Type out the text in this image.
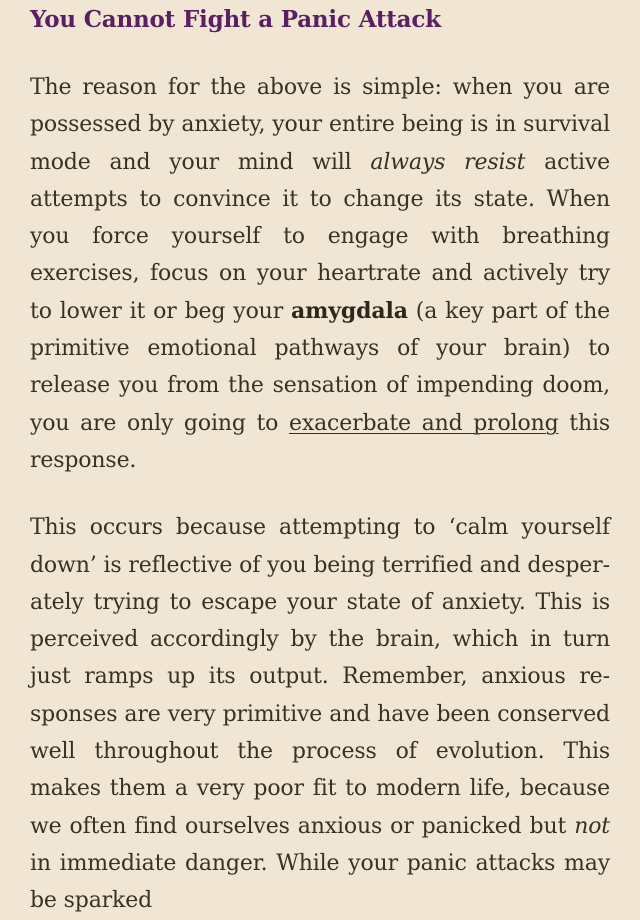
You Cannot Fight a Panic Attack

The reason for the above is simple: when you are possessed by anxiety, your entire being is in survival mode and your mind will always resist active attempts to convince it to change its state. When you force yourself to engage with breathing exercises, focus on your heartrate and actively try to lower it or beg your amygdala (a key part of the primitive emotional pathways of your brain) to release you from the sensation of impending doom, you are only going to exacerbate and prolong this response.

This occurs because attempting to ‘calm yourself down’ is reflective of you being terrified and desperately trying to escape your state of anxiety. This is perceived accordingly by the brain, which in turn just ramps up its output. Remember, anxious responses are very primitive and have been conserved well throughout the process of evolution. This makes them a very poor fit to modern life, because we often find ourselves anxious or panicked but not in immediate danger. While your panic attacks may be sparked
